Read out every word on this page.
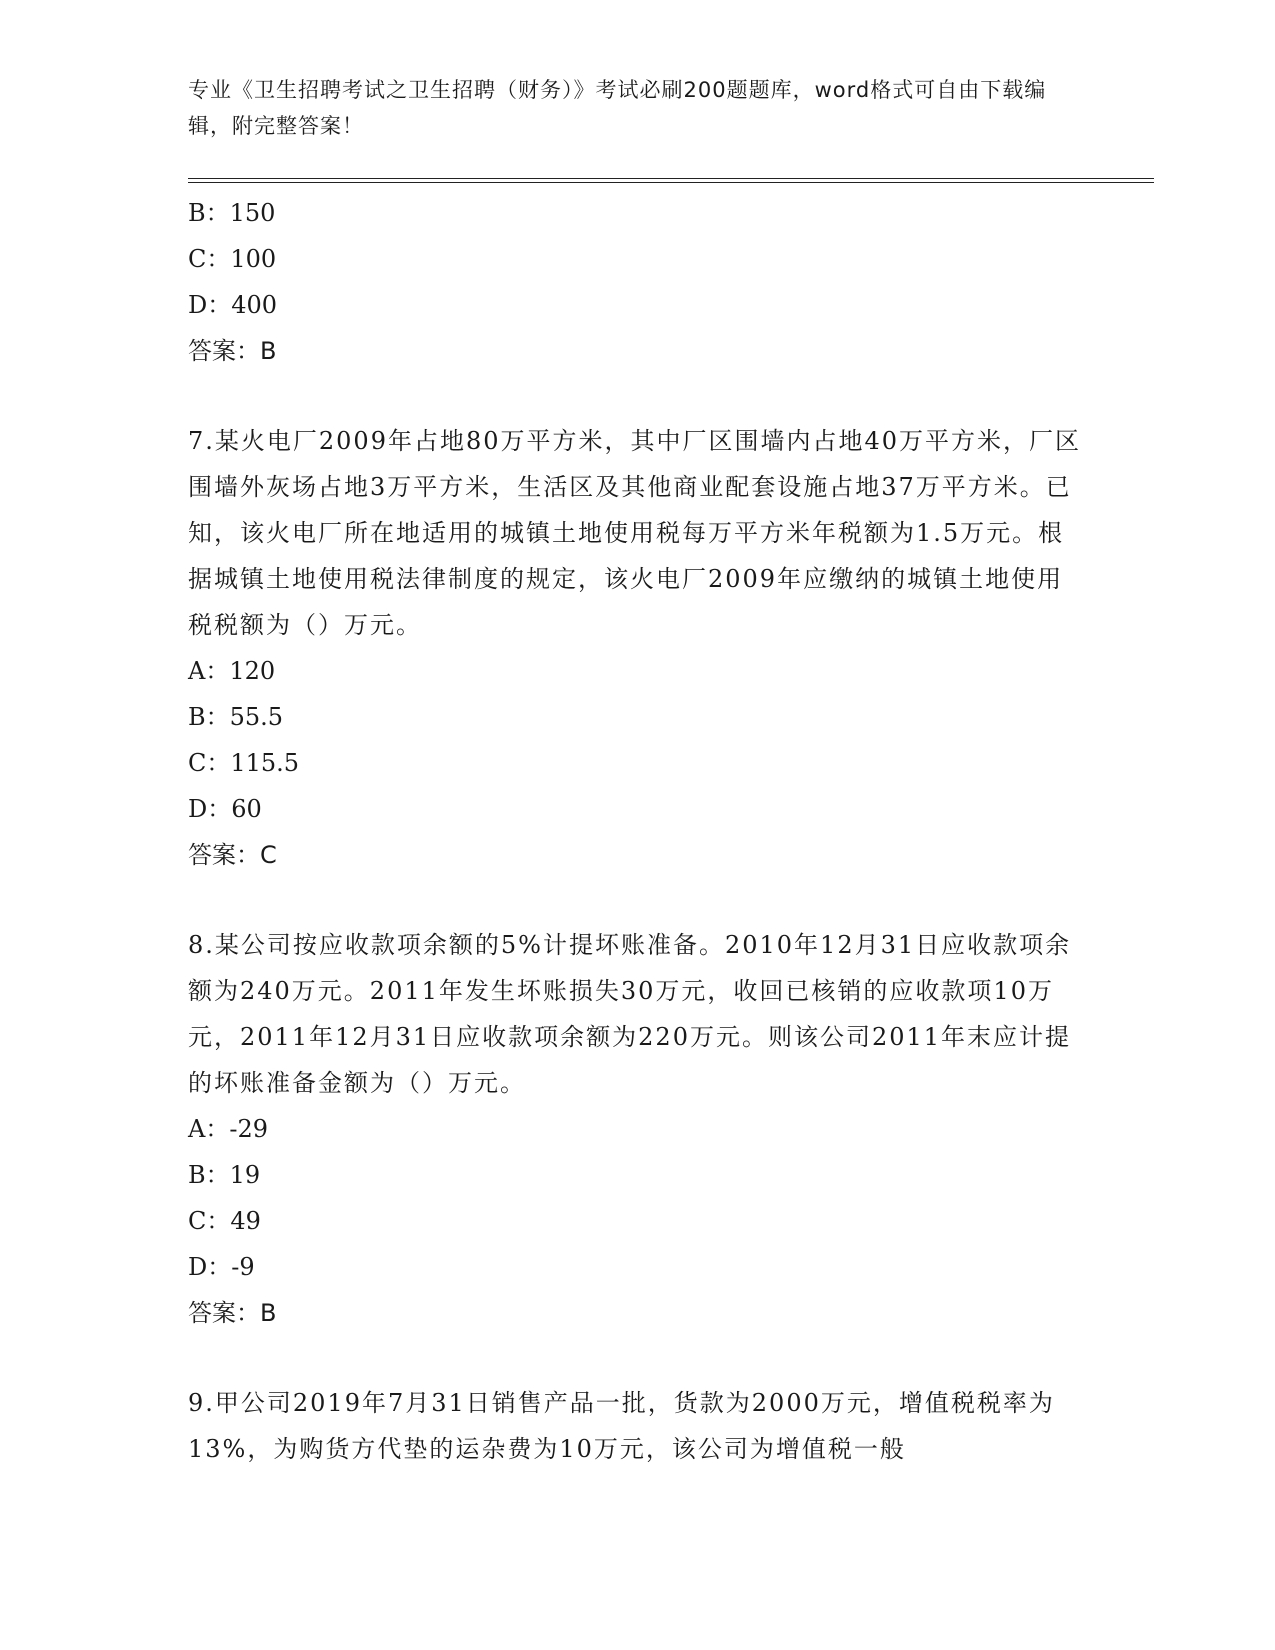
专业《卫生招聘考试之卫生招聘（财务）》考试必刷200题题库，word格式可自由下载编辑，附完整答案！
B：150
C：100
D：400
答案：B
7.某火电厂2009年占地80万平方米，其中厂区围墙内占地40万平方米，厂区围墙外灰场占地3万平方米，生活区及其他商业配套设施占地37万平方米。已知，该火电厂所在地适用的城镇土地使用税每万平方米年税额为1.5万元。根据城镇土地使用税法律制度的规定，该火电厂2009年应缴纳的城镇土地使用税税额为（）万元。
A：120
B：55.5
C：115.5
D：60
答案：C
8.某公司按应收款项余额的5%计提坏账准备。2010年12月31日应收款项余额为240万元。2011年发生坏账损失30万元，收回已核销的应收款项10万元，2011年12月31日应收款项余额为220万元。则该公司2011年末应计提的坏账准备金额为（）万元。
A：-29
B：19
C：49
D：-9
答案：B
9.甲公司2019年7月31日销售产品一批，货款为2000万元，增值税税率为13%，为购货方代垫的运杂费为10万元，该公司为增值税一般
